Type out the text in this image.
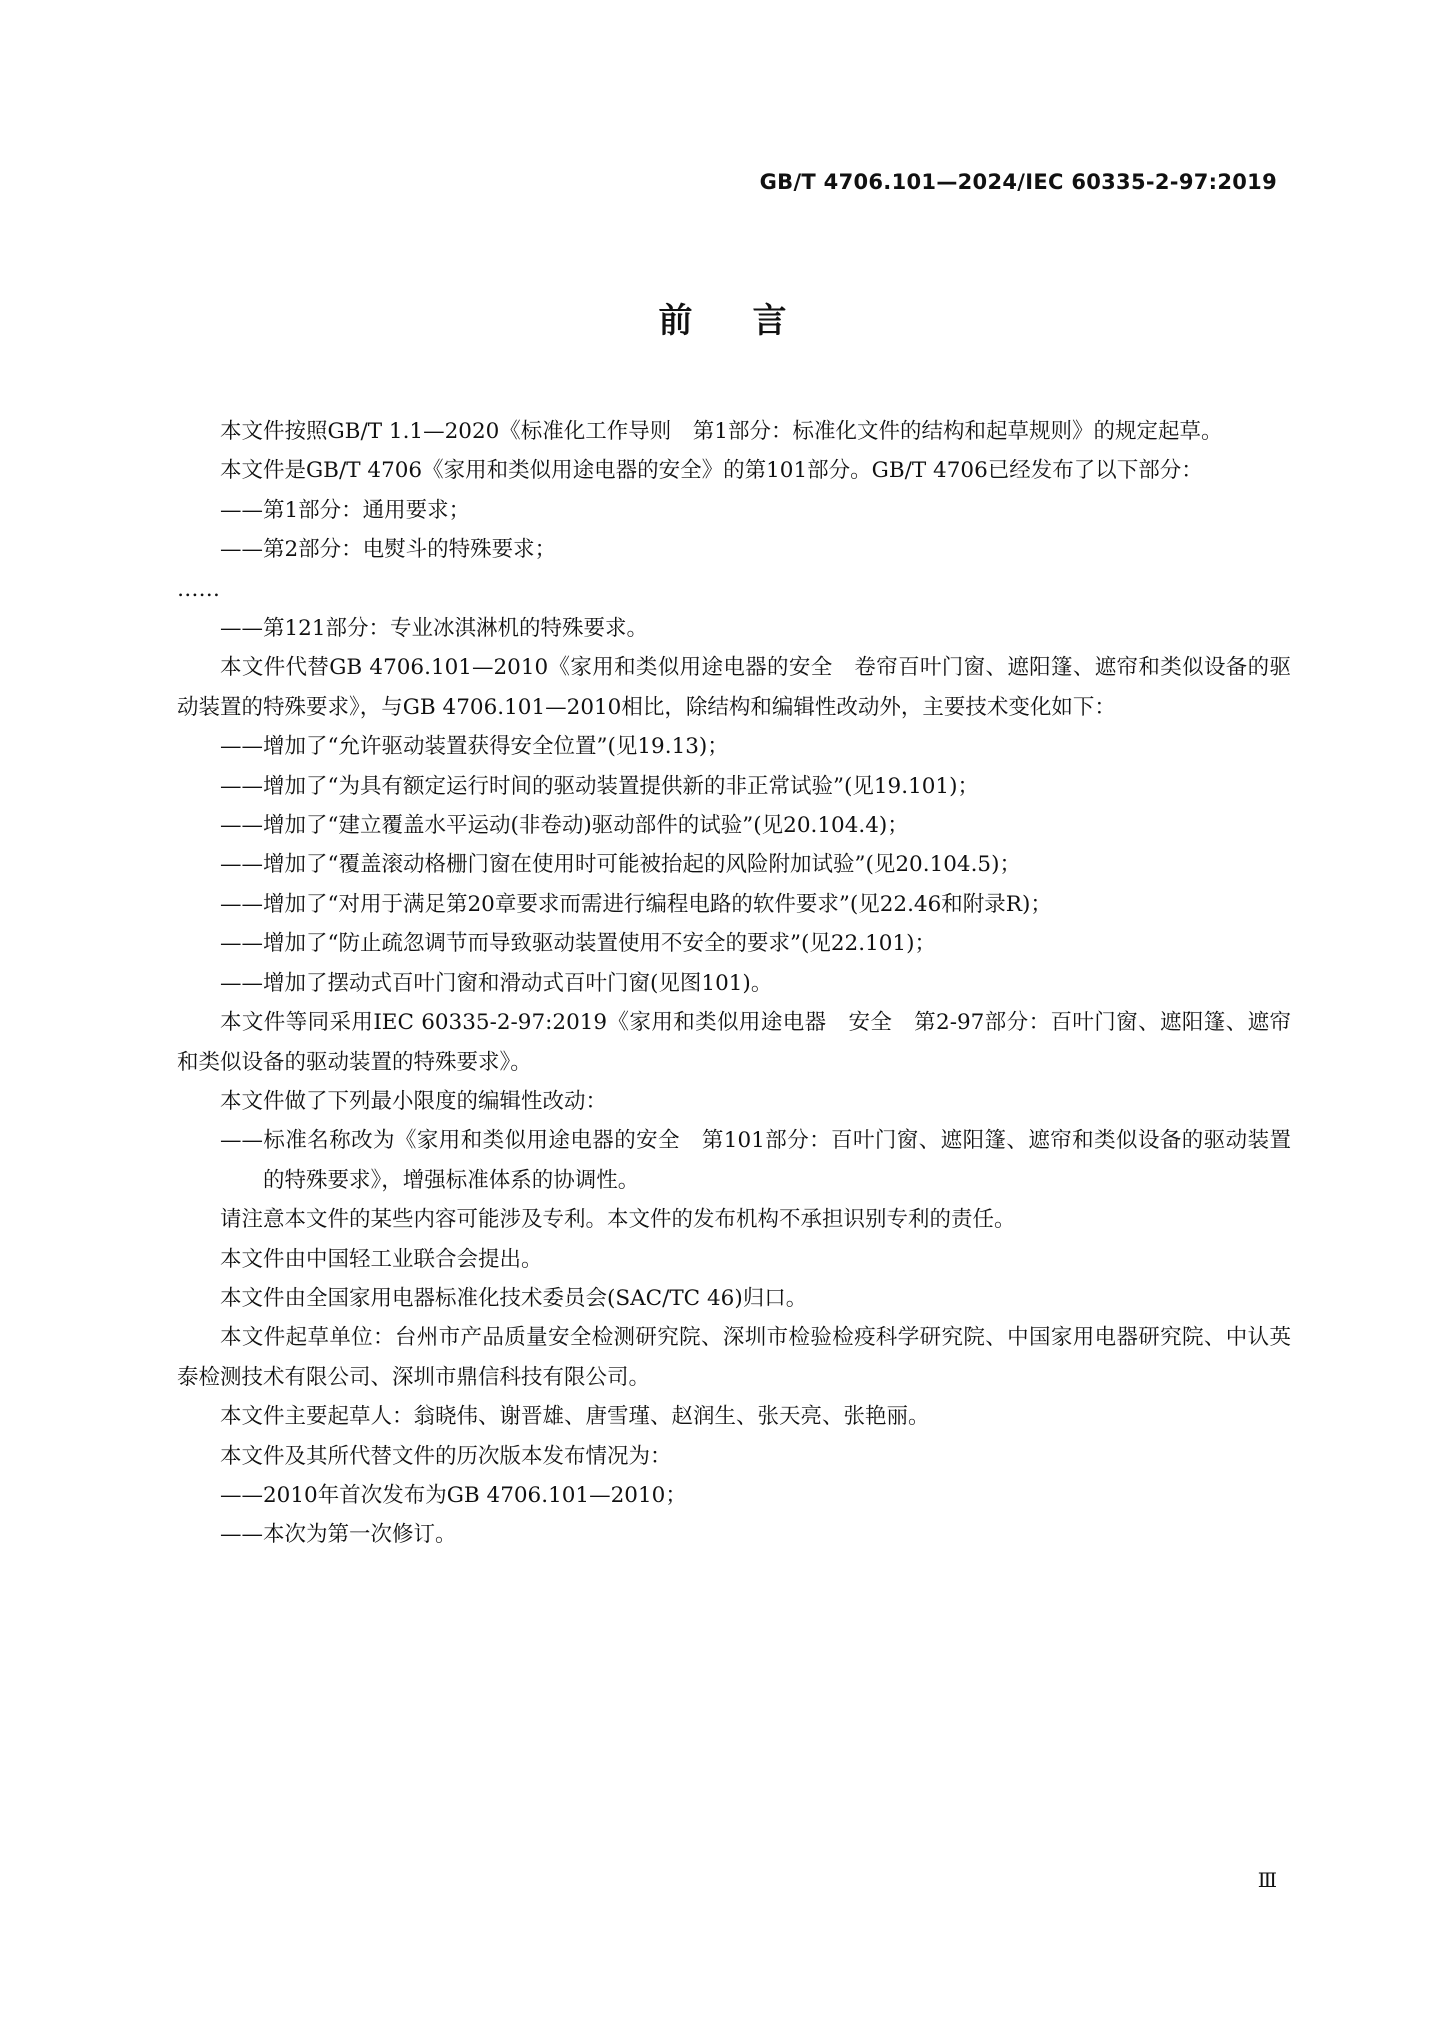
GB/T 4706.101—2024/IEC 60335-2-97:2019
前言

本文件按照GB/T 1.1—2020《标准化工作导则　第1部分：标准化文件的结构和起草规则》的规定起草。

本文件是GB/T 4706《家用和类似用途电器的安全》的第101部分。GB/T 4706已经发布了以下部分：

——第1部分：通用要求；

——第2部分：电熨斗的特殊要求；

……

——第121部分：专业冰淇淋机的特殊要求。

本文件代替GB 4706.101—2010《家用和类似用途电器的安全　卷帘百叶门窗、遮阳篷、遮帘和类似设备的驱动装置的特殊要求》，与GB 4706.101—2010相比，除结构和编辑性改动外，主要技术变化如下：

——增加了“允许驱动装置获得安全位置”(见19.13)；

——增加了“为具有额定运行时间的驱动装置提供新的非正常试验”(见19.101)；

——增加了“建立覆盖水平运动(非卷动)驱动部件的试验”(见20.104.4)；

——增加了“覆盖滚动格栅门窗在使用时可能被抬起的风险附加试验”(见20.104.5)；

——增加了“对用于满足第20章要求而需进行编程电路的软件要求”(见22.46和附录R)；

——增加了“防止疏忽调节而导致驱动装置使用不安全的要求”(见22.101)；

——增加了摆动式百叶门窗和滑动式百叶门窗(见图101)。

本文件等同采用IEC 60335-2-97:2019《家用和类似用途电器　安全　第2-97部分：百叶门窗、遮阳篷、遮帘和类似设备的驱动装置的特殊要求》。

本文件做了下列最小限度的编辑性改动：

——标准名称改为《家用和类似用途电器的安全　第101部分：百叶门窗、遮阳篷、遮帘和类似设备的驱动装置的特殊要求》，增强标准体系的协调性。

请注意本文件的某些内容可能涉及专利。本文件的发布机构不承担识别专利的责任。

本文件由中国轻工业联合会提出。

本文件由全国家用电器标准化技术委员会(SAC/TC 46)归口。

本文件起草单位：台州市产品质量安全检测研究院、深圳市检验检疫科学研究院、中国家用电器研究院、中认英泰检测技术有限公司、深圳市鼎信科技有限公司。

本文件主要起草人：翁晓伟、谢晋雄、唐雪瑾、赵润生、张天亮、张艳丽。

本文件及其所代替文件的历次版本发布情况为：

——2010年首次发布为GB 4706.101—2010；

——本次为第一次修订。

Ⅲ
